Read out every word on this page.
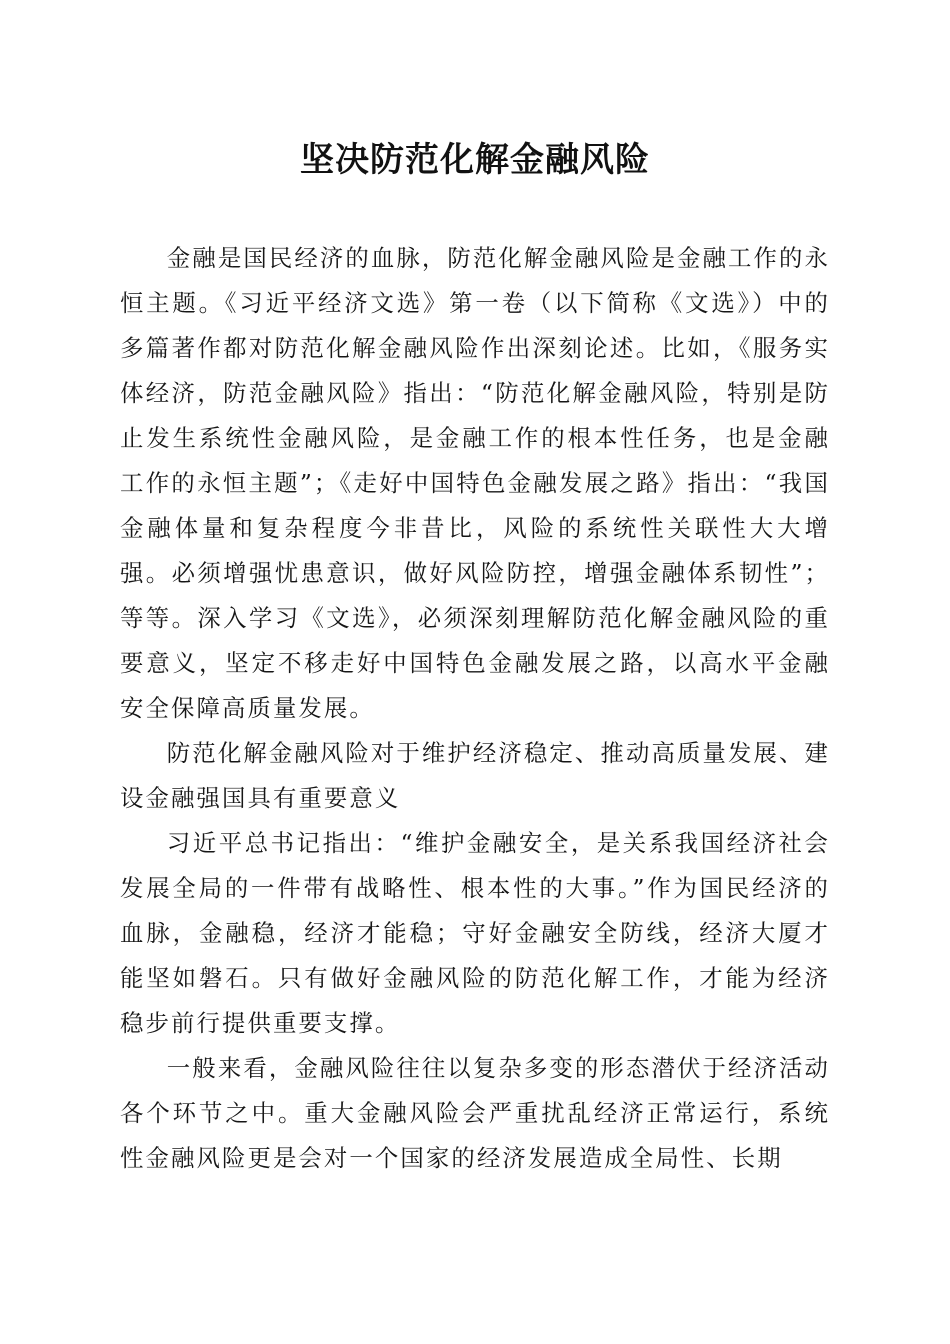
坚决防范化解金融风险

金融是国民经济的血脉，防范化解金融风险是金融工作的永恒主题。《习近平经济文选》第一卷（以下简称《文选》）中的多篇著作都对防范化解金融风险作出深刻论述。比如，《服务实体经济，防范金融风险》指出：“防范化解金融风险，特别是防止发生系统性金融风险，是金融工作的根本性任务，也是金融工作的永恒主题”；《走好中国特色金融发展之路》指出：“我国金融体量和复杂程度今非昔比，风险的系统性关联性大大增强。必须增强忧患意识，做好风险防控，增强金融体系韧性”；等等。深入学习《文选》，必须深刻理解防范化解金融风险的重要意义，坚定不移走好中国特色金融发展之路，以高水平金融安全保障高质量发展。

防范化解金融风险对于维护经济稳定、推动高质量发展、建设金融强国具有重要意义

习近平总书记指出：“维护金融安全，是关系我国经济社会发展全局的一件带有战略性、根本性的大事。”作为国民经济的血脉，金融稳，经济才能稳；守好金融安全防线，经济大厦才能坚如磐石。只有做好金融风险的防范化解工作，才能为经济稳步前行提供重要支撑。

一般来看，金融风险往往以复杂多变的形态潜伏于经济活动各个环节之中。重大金融风险会严重扰乱经济正常运行，系统性金融风险更是会对一个国家的经济发展造成全局性、长期
